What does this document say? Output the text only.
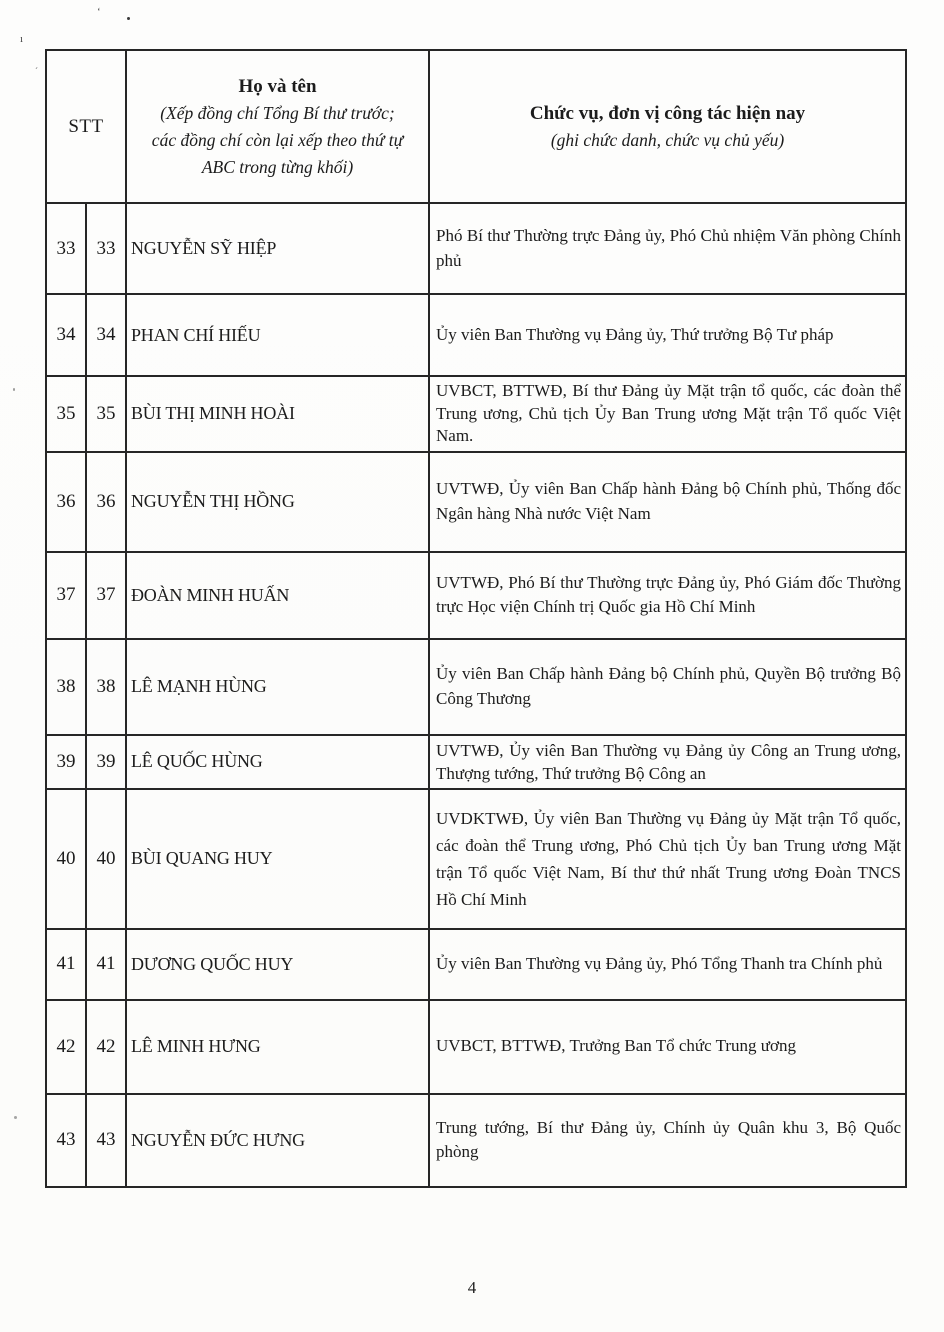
‘
ı
´
STT		Họ và tên
(Xếp đồng chí Tổng Bí thư trước;
các đồng chí còn lại xếp theo thứ tự
ABC trong từng khối)	Chức vụ, đơn vị công tác hiện nay
(ghi chức danh, chức vụ chủ yếu)

33	33	NGUYỄN SỸ HIỆP	Phó Bí thư Thường trực Đảng ủy, Phó Chủ nhiệm Văn phòng Chính phủ
34	34	PHAN CHÍ HIẾU	Ủy viên Ban Thường vụ Đảng ủy, Thứ trưởng Bộ Tư pháp
35	35	BÙI THỊ MINH HOÀI	UVBCT, BTTWĐ, Bí thư Đảng ủy Mặt trận tổ quốc, các đoàn thể Trung ương, Chủ tịch Ủy Ban Trung ương Mặt trận Tổ quốc Việt Nam.
36	36	NGUYỄN THỊ HỒNG	UVTWĐ, Ủy viên Ban Chấp hành Đảng bộ Chính phủ, Thống đốc Ngân hàng Nhà nước Việt Nam
37	37	ĐOÀN MINH HUẤN	UVTWĐ, Phó Bí thư Thường trực Đảng ủy, Phó Giám đốc Thường trực Học viện Chính trị Quốc gia Hồ Chí Minh
38	38	LÊ MẠNH HÙNG	Ủy viên Ban Chấp hành Đảng bộ Chính phủ, Quyền Bộ trưởng Bộ Công Thương
39	39	LÊ QUỐC HÙNG	UVTWĐ, Ủy viên Ban Thường vụ Đảng ủy Công an Trung ương, Thượng tướng, Thứ trưởng Bộ Công an
40	40	BÙI QUANG HUY	UVDKTWĐ, Ủy viên Ban Thường vụ Đảng ủy Mặt trận Tổ quốc, các đoàn thể Trung ương, Phó Chủ tịch Ủy ban Trung ương Mặt trận Tổ quốc Việt Nam, Bí thư thứ nhất Trung ương Đoàn TNCS Hồ Chí Minh
41	41	DƯƠNG QUỐC HUY	Ủy viên Ban Thường vụ Đảng ủy, Phó Tổng Thanh tra Chính phủ
42	42	LÊ MINH HƯNG	UVBCT, BTTWĐ, Trưởng Ban Tổ chức Trung ương
43	43	NGUYỄN ĐỨC HƯNG	Trung tướng, Bí thư Đảng ủy, Chính ủy Quân khu 3, Bộ Quốc phòng
4
